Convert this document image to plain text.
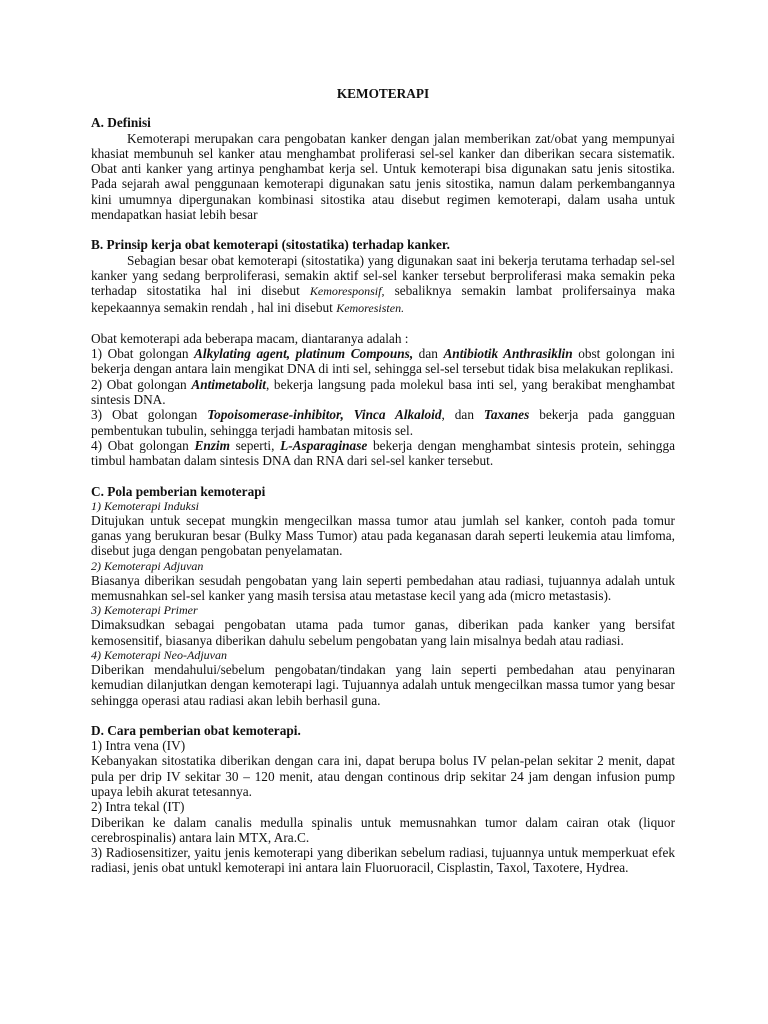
KEMOTERAPI

A. Definisi

Kemoterapi merupakan cara pengobatan kanker dengan jalan memberikan zat/obat yang mempunyai khasiat membunuh sel kanker atau menghambat proliferasi sel-sel kanker dan diberikan secara sistematik. Obat anti kanker yang artinya penghambat kerja sel. Untuk kemoterapi bisa digunakan satu jenis sitostika. Pada sejarah awal penggunaan kemoterapi digunakan satu jenis sitostika, namun dalam perkembangannya kini umumnya dipergunakan kombinasi sitostika atau disebut regimen kemoterapi, dalam usaha untuk mendapatkan hasiat lebih besar

B. Prinsip kerja obat kemoterapi (sitostatika) terhadap kanker.

Sebagian besar obat kemoterapi (sitostatika) yang digunakan saat ini bekerja terutama terhadap sel-sel kanker yang sedang berproliferasi, semakin aktif sel-sel kanker tersebut berproliferasi maka semakin peka terhadap sitostatika hal ini disebut Kemoresponsif, sebaliknya semakin lambat prolifersainya maka kepekaannya semakin rendah , hal ini disebut Kemoresisten.

Obat kemoterapi ada beberapa macam, diantaranya adalah :

1) Obat golongan Alkylating agent, platinum Compouns, dan Antibiotik Anthrasiklin obst golongan ini bekerja dengan antara lain mengikat DNA di inti sel, sehingga sel-sel tersebut tidak bisa melakukan replikasi.

2) Obat golongan Antimetabolit, bekerja langsung pada molekul basa inti sel, yang berakibat menghambat sintesis DNA.

3) Obat golongan Topoisomerase-inhibitor, Vinca Alkaloid, dan Taxanes bekerja pada gangguan pembentukan tubulin, sehingga terjadi hambatan mitosis sel.

4) Obat golongan Enzim seperti, L-Asparaginase bekerja dengan menghambat sintesis protein, sehingga timbul hambatan dalam sintesis DNA dan RNA dari sel-sel kanker tersebut.

C. Pola pemberian kemoterapi

1) Kemoterapi Induksi

Ditujukan untuk secepat mungkin mengecilkan massa tumor atau jumlah sel kanker, contoh pada tomur ganas yang berukuran besar (Bulky Mass Tumor) atau pada keganasan darah seperti leukemia atau limfoma, disebut juga dengan pengobatan penyelamatan.

2) Kemoterapi Adjuvan

Biasanya diberikan sesudah pengobatan yang lain seperti pembedahan atau radiasi, tujuannya adalah untuk memusnahkan sel-sel kanker yang masih tersisa atau metastase kecil yang ada (micro metastasis).

3) Kemoterapi Primer

Dimaksudkan sebagai pengobatan utama pada tumor ganas, diberikan pada kanker yang bersifat kemosensitif, biasanya diberikan dahulu sebelum pengobatan yang lain misalnya bedah atau radiasi.

4) Kemoterapi Neo-Adjuvan

Diberikan mendahului/sebelum pengobatan/tindakan yang lain seperti pembedahan atau penyinaran kemudian dilanjutkan dengan kemoterapi lagi. Tujuannya adalah untuk mengecilkan massa tumor yang besar sehingga operasi atau radiasi akan lebih berhasil guna.

D. Cara pemberian obat kemoterapi.

1) Intra vena (IV)

Kebanyakan sitostatika diberikan dengan cara ini, dapat berupa bolus IV pelan-pelan sekitar 2 menit, dapat pula per drip IV sekitar 30 – 120 menit, atau dengan continous drip sekitar 24 jam dengan infusion pump upaya lebih akurat tetesannya.

2) Intra tekal (IT)

Diberikan ke dalam canalis medulla spinalis untuk memusnahkan tumor dalam cairan otak (liquor cerebrospinalis) antara lain MTX, Ara.C.

3) Radiosensitizer, yaitu jenis kemoterapi yang diberikan sebelum radiasi, tujuannya untuk memperkuat efek radiasi, jenis obat untukl kemoterapi ini antara lain Fluoruoracil, Cisplastin, Taxol, Taxotere, Hydrea.
